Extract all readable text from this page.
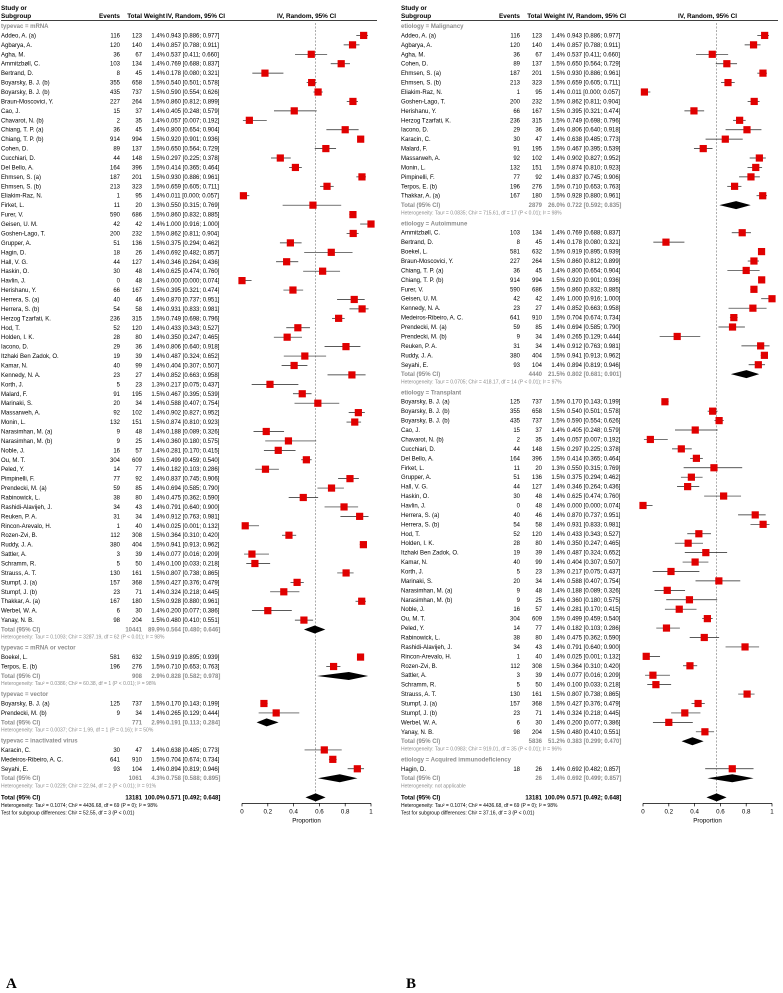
Study or
Subgroup	Events Total Weight IV, Random, 95% CI	IV, Random, 95% CI
typevac = mRNA
Addeo, A. (a)	116 123 1.4% 0.943 [0.886; 0.977]
Agbarya, A.	120 140 1.4% 0.857 [0.788; 0.911]
Agha, M.	36	67 1.4% 0.537 [0.411; 0.660]
Ammitzbøll, C.	103 134 1.4% 0.769 [0.688; 0.837]
Bertrand, D.	8	45 1.4% 0.178 [0.080; 0.321]
Boyarsky, B. J. (b)	355 658 1.5% 0.540 [0.501; 0.578]
Boyarsky, B. J. (b)	435 737 1.5% 0.590 [0.554; 0.626]
Braun-Moscovici, Y.	227 264 1.5% 0.860 [0.812; 0.899]
Cao, J.	15	37 1.4% 0.405 [0.248; 0.579]
Chavarot, N. (b)	2	35 1.4% 0.057 [0.007; 0.192]
Chiang, T. P. (a)	36	45 1.4% 0.800 [0.654; 0.904]
Chiang, T. P. (b)	914 994 1.5% 0.920 [0.901; 0.936]
Cohen, D.	89 137 1.5% 0.650 [0.564; 0.729]
Cucchiari, D.	44 148 1.5% 0.297 [0.225; 0.378]
Del Bello, A.	164 396 1.5% 0.414 [0.365; 0.464]
Ehmsen, S. (a)	187 201 1.5% 0.930 [0.886; 0.961]
Ehmsen, S. (b)	213 323 1.5% 0.659 [0.605; 0.711]
Eliakim-Raz, N.	1	95 1.4% 0.011 [0.000; 0.057]
Firket, L.	11	20 1.3% 0.550 [0.315; 0.769]
Furer, V.	590 686 1.5% 0.860 [0.832; 0.885]
Geisen, U. M.	42	42 1.4% 1.000 [0.916; 1.000]
Goshen-Lago, T.	200 232 1.5% 0.862 [0.811; 0.904]
Grupper, A.	51 136 1.5% 0.375 [0.294; 0.462]
Hagin, D.	18	26 1.4% 0.692 [0.482; 0.857]
Hall, V. G.	44 127 1.4% 0.346 [0.264; 0.436]
Haskin, O.	30	48 1.4% 0.625 [0.474; 0.760]
Havlin, J.	0	48 1.4% 0.000 [0.000; 0.074]
Herishanu, Y.	66 167 1.5% 0.395 [0.321; 0.474]
Herrera, S. (a)	40	46 1.4% 0.870 [0.737; 0.951]
Herrera, S. (b)	54	58 1.4% 0.931 [0.833; 0.981]
Herzog Tzarfati, K.	236 315 1.5% 0.749 [0.698; 0.796]
Hod, T.	52 120 1.4% 0.433 [0.343; 0.527]
Holden, I. K.	28	80 1.4% 0.350 [0.247; 0.465]
Iacono, D.	29	36 1.4% 0.806 [0.640; 0.918]
Itzhaki Ben Zadok, O.	19	39 1.4% 0.487 [0.324; 0.652]
Kamar, N.	40	99 1.4% 0.404 [0.307; 0.507]
Kennedy, N. A.	23	27 1.4% 0.852 [0.663; 0.958]
Korth, J.	5	23 1.3% 0.217 [0.075; 0.437]
Malard, F.	91 195 1.5% 0.467 [0.395; 0.539]
Marinaki, S.	20	34 1.4% 0.588 [0.407; 0.754]
Massarweh, A.	92 102 1.4% 0.902 [0.827; 0.952]
Monin, L.	132 151 1.5% 0.874 [0.810; 0.923]
Narasimhan, M. (a)	9	48 1.4% 0.188 [0.089; 0.326]
Narasimhan, M. (b)	9	25 1.4% 0.360 [0.180; 0.575]
Noble, J.	16	57 1.4% 0.281 [0.170; 0.415]
Ou, M. T.	304 609 1.5% 0.499 [0.459; 0.540]
Peled, Y.	14	77 1.4% 0.182 [0.103; 0.286]
Pimpinelli, F.	77	92 1.4% 0.837 [0.745; 0.906]
Prendecki, M. (a)	59	85 1.4% 0.694 [0.585; 0.790]
Rabinowick, L.	38	80 1.4% 0.475 [0.362; 0.590]
Rashidi-Alavijeh, J.	34	43 1.4% 0.791 [0.640; 0.900]
Reuken, P. A.	31	34 1.4% 0.912 [0.763; 0.981]
Rincon-Arevalo, H.	1	40 1.4% 0.025 [0.001; 0.132]
Rozen-Zvi, B.	112 308 1.5% 0.364 [0.310; 0.420]
Ruddy, J. A.	380 404 1.5% 0.941 [0.913; 0.962]
Sattler, A.	3	39 1.4% 0.077 [0.016; 0.209]
Schramm, R.	5	50 1.4% 0.100 [0.033; 0.218]
Strauss, A. T.	130 161 1.5% 0.807 [0.738; 0.865]
Stumpf, J. (a)	157 368 1.5% 0.427 [0.376; 0.479]
Stumpf, J. (b)	23	71 1.4% 0.324 [0.218; 0.445]
Thakkar, A. (a)	167 180 1.5% 0.928 [0.880; 0.961]
Werbel, W. A.	6	30 1.4% 0.200 [0.077; 0.386]
Yanay, N. B.	98 204 1.5% 0.480 [0.410; 0.551]
Total (95% CI)	10441 89.9% 0.564 [0.480; 0.646]
Heterogeneity: Tau² = 0.1093; Chi² = 3287.19, df = 62 (P < 0.01); I² = 98%
typevac = mRNA or vector
Boekel, L.	581 632 1.5% 0.919 [0.895; 0.939]
Terpos, E. (b)	196 276 1.5% 0.710 [0.653; 0.763]
Total (95% CI)	908 2.9% 0.828 [0.582; 0.978]
Heterogeneity: Tau² = 0.0386; Chi² = 60.38, df = 1 (P < 0.01); I² = 98%
typevac = vector
Boyarsky, B. J. (a)	125 737 1.5% 0.170 [0.143; 0.199]
Prendecki, M. (b)	9	34 1.4% 0.265 [0.129; 0.444]
Total (95% CI)	771 2.9% 0.191 [0.113; 0.284]
Heterogeneity: Tau² = 0.0037; Chi² = 1.99, df = 1 (P = 0.16); I² = 50%
typevac = inactivated virus
Karacin, C.	30	47 1.4% 0.638 [0.485; 0.773]
Medeiros-Ribeiro, A. C.	641 910 1.5% 0.704 [0.674; 0.734]
Seyahi, E.	93 104 1.4% 0.894 [0.819; 0.946]
Total (95% CI)	1061 4.3% 0.758 [0.588; 0.895]
Heterogeneity: Tau² = 0.0229; Chi² = 22.94, df = 2 (P < 0.01); I² = 91%
Total (95% CI)	13181 100.0% 0.571 [0.492; 0.648]
0	0.2	0.4	0.6	0.8	1
Proportion
Heterogeneity: Tau² = 0.1074; Chi² = 4436.68, df = 69 (P = 0); I² = 98%
Test for subgroup differences: Chi² = 52.55, df = 3 (P < 0.01)
A
Study or
Subgroup	Events Total Weight IV, Random, 95% CI	IV, Random, 95% CI
etiology = Malignancy
Addeo, A. (a)	116 123 1.4% 0.943 [0.886; 0.977]
Agbarya, A.	120 140 1.4% 0.857 [0.788; 0.911]
Agha, M.	36	67 1.4% 0.537 [0.411; 0.660]
Cohen, D.	89 137 1.5% 0.650 [0.564; 0.729]
Ehmsen, S. (a)	187 201 1.5% 0.930 [0.886; 0.961]
Ehmsen, S. (b)	213 323 1.5% 0.659 [0.605; 0.711]
Eliakim-Raz, N.	1	95 1.4% 0.011 [0.000; 0.057]
Goshen-Lago, T.	200 232 1.5% 0.862 [0.811; 0.904]
Herishanu, Y.	66 167 1.5% 0.395 [0.321; 0.474]
Herzog Tzarfati, K.	236 315 1.5% 0.749 [0.698; 0.796]
Iacono, D.	29	36 1.4% 0.806 [0.640; 0.918]
Karacin, C.	30	47 1.4% 0.638 [0.485; 0.773]
Malard, F.	91 195 1.5% 0.467 [0.395; 0.539]
Massarweh, A.	92 102 1.4% 0.902 [0.827; 0.952]
Monin, L.	132 151 1.5% 0.874 [0.810; 0.923]
Pimpinelli, F.	77	92 1.4% 0.837 [0.745; 0.906]
Terpos, E. (b)	196 276 1.5% 0.710 [0.653; 0.763]
Thakkar, A. (a)	167 180 1.5% 0.928 [0.880; 0.961]
Total (95% CI)	2879 26.0% 0.722 [0.592; 0.835]
Heterogeneity: Tau² = 0.0835; Chi² = 715.61, df = 17 (P < 0.01); I² = 98%
etiology = Autoimmune
Ammitzbøll, C.	103 134 1.4% 0.769 [0.688; 0.837]
Bertrand, D.	8	45 1.4% 0.178 [0.080; 0.321]
Boekel, L.	581 632 1.5% 0.919 [0.895; 0.939]
Braun-Moscovici, Y.	227 264 1.5% 0.860 [0.812; 0.899]
Chiang, T. P. (a)	36	45 1.4% 0.800 [0.654; 0.904]
Chiang, T. P. (b)	914 994 1.5% 0.920 [0.901; 0.936]
Furer, V.	590 686 1.5% 0.860 [0.832; 0.885]
Geisen, U. M.	42	42 1.4% 1.000 [0.916; 1.000]
Kennedy, N. A.	23	27 1.4% 0.852 [0.663; 0.958]
Medeiros-Ribeiro, A. C.	641 910 1.5% 0.704 [0.674; 0.734]
Prendecki, M. (a)	59	85 1.4% 0.694 [0.585; 0.790]
Prendecki, M. (b)	9	34 1.4% 0.265 [0.129; 0.444]
Reuken, P. A.	31	34 1.4% 0.912 [0.763; 0.981]
Ruddy, J. A.	380 404 1.5% 0.941 [0.913; 0.962]
Seyahi, E.	93 104 1.4% 0.894 [0.819; 0.946]
Total (95% CI)	4440 21.5% 0.802 [0.681; 0.901]
Heterogeneity: Tau² = 0.0705; Chi² = 418.17, df = 14 (P < 0.01); I² = 97%
etiology = Transplant
Boyarsky, B. J. (a)	125 737 1.5% 0.170 [0.143; 0.199]
Boyarsky, B. J. (b)	355 658 1.5% 0.540 [0.501; 0.578]
Boyarsky, B. J. (b)	435 737 1.5% 0.590 [0.554; 0.626]
Cao, J.	15	37 1.4% 0.405 [0.248; 0.579]
Chavarot, N. (b)	2	35 1.4% 0.057 [0.007; 0.192]
Cucchiari, D.	44 148 1.5% 0.297 [0.225; 0.378]
Del Bello, A.	164 396 1.5% 0.414 [0.365; 0.464]
Firket, L.	11	20 1.3% 0.550 [0.315; 0.769]
Grupper, A.	51 136 1.5% 0.375 [0.294; 0.462]
Hall, V. G.	44 127 1.4% 0.346 [0.264; 0.436]
Haskin, O.	30	48 1.4% 0.625 [0.474; 0.760]
Havlin, J.	0	48 1.4% 0.000 [0.000; 0.074]
Herrera, S. (a)	40	46 1.4% 0.870 [0.737; 0.951]
Herrera, S. (b)	54	58 1.4% 0.931 [0.833; 0.981]
Hod, T.	52 120 1.4% 0.433 [0.343; 0.527]
Holden, I. K.	28	80 1.4% 0.350 [0.247; 0.465]
Itzhaki Ben Zadok, O.	19	39 1.4% 0.487 [0.324; 0.652]
Kamar, N.	40	99 1.4% 0.404 [0.307; 0.507]
Korth, J.	5	23 1.3% 0.217 [0.075; 0.437]
Marinaki, S.	20	34 1.4% 0.588 [0.407; 0.754]
Narasimhan, M. (a)	9	48 1.4% 0.188 [0.089; 0.326]
Narasimhan, M. (b)	9	25 1.4% 0.360 [0.180; 0.575]
Noble, J.	16	57 1.4% 0.281 [0.170; 0.415]
Ou, M. T.	304 609 1.5% 0.499 [0.459; 0.540]
Peled, Y.	14	77 1.4% 0.182 [0.103; 0.286]
Rabinowick, L.	38	80 1.4% 0.475 [0.362; 0.590]
Rashidi-Alavijeh, J.	34	43 1.4% 0.791 [0.640; 0.900]
Rincon-Arevalo, H.	1	40 1.4% 0.025 [0.001; 0.132]
Rozen-Zvi, B.	112 308 1.5% 0.364 [0.310; 0.420]
Sattler, A.	3	39 1.4% 0.077 [0.016; 0.209]
Schramm, R.	5	50 1.4% 0.100 [0.033; 0.218]
Strauss, A. T.	130 161 1.5% 0.807 [0.738; 0.865]
Stumpf, J. (a)	157 368 1.5% 0.427 [0.376; 0.479]
Stumpf, J. (b)	23	71 1.4% 0.324 [0.218; 0.445]
Werbel, W. A.	6	30 1.4% 0.200 [0.077; 0.386]
Yanay, N. B.	98 204 1.5% 0.480 [0.410; 0.551]
Total (95% CI)	5836 51.2% 0.383 [0.299; 0.470]
Heterogeneity: Tau² = 0.0983; Chi² = 919.01, df = 35 (P < 0.01); I² = 96%
etiology = Acquired immunodeficiency
Hagin, D.	18	26 1.4% 0.692 [0.482; 0.857]
Total (95% CI)	26 1.4% 0.692 [0.499; 0.857]
Heterogeneity: not applicable
Total (95% CI)	13181 100.0% 0.571 [0.492; 0.648]
0	0.2	0.4	0.6	0.8	1
Proportion
Heterogeneity: Tau² = 0.1074; Chi² = 4436.68, df = 69 (P = 0); I² = 98%
Test for subgroup differences: Chi² = 37.16, df = 3 (P < 0.01)
B
